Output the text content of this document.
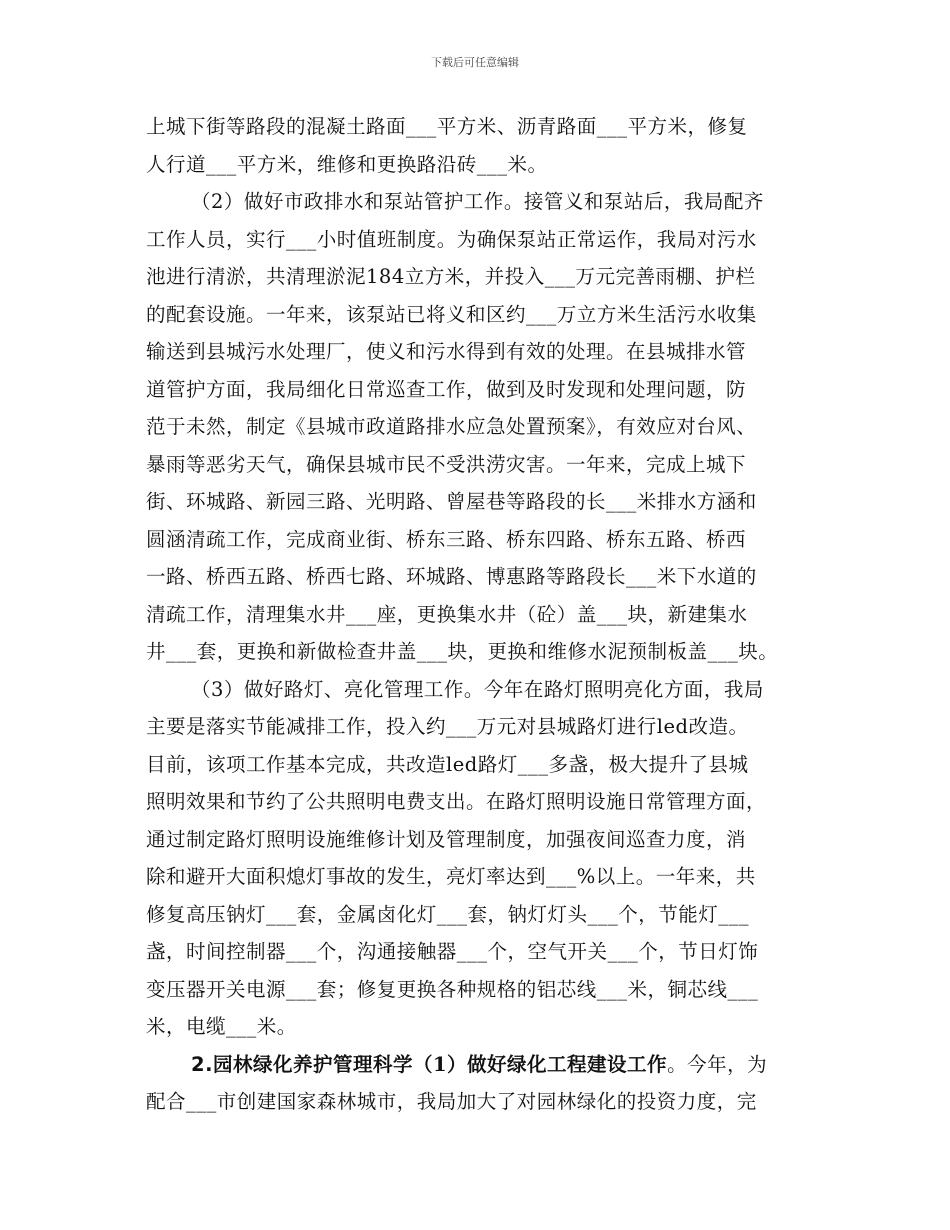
下载后可任意编辑
上城下街等路段的混凝土路面___平方米、沥青路面___平方米，修复
人行道___平方米，维修和更换路沿砖___米。
（2）做好市政排水和泵站管护工作。接管义和泵站后，我局配齐
工作人员，实行___小时值班制度。为确保泵站正常运作，我局对污水
池进行清淤，共清理淤泥184立方米，并投入___万元完善雨棚、护栏
的配套设施。一年来，该泵站已将义和区约___万立方米生活污水收集
输送到县城污水处理厂，使义和污水得到有效的处理。在县城排水管
道管护方面，我局细化日常巡查工作，做到及时发现和处理问题，防
范于未然，制定《县城市政道路排水应急处置预案》，有效应对台风、
暴雨等恶劣天气，确保县城市民不受洪涝灾害。一年来，完成上城下
街、环城路、新园三路、光明路、曾屋巷等路段的长___米排水方涵和
圆涵清疏工作，完成商业街、桥东三路、桥东四路、桥东五路、桥西
一路、桥西五路、桥西七路、环城路、博惠路等路段长___米下水道的
清疏工作，清理集水井___座，更换集水井（砼）盖___块，新建集水
井___套，更换和新做检查井盖___块，更换和维修水泥预制板盖___块。
（3）做好路灯、亮化管理工作。今年在路灯照明亮化方面，我局
主要是落实节能减排工作，投入约___万元对县城路灯进行led改造。
目前，该项工作基本完成，共改造led路灯___多盏，极大提升了县城
照明效果和节约了公共照明电费支出。在路灯照明设施日常管理方面，
通过制定路灯照明设施维修计划及管理制度，加强夜间巡查力度，消
除和避开大面积熄灯事故的发生，亮灯率达到___%以上。一年来，共
修复高压钠灯___套，金属卤化灯___套，钠灯灯头___个，节能灯___
盏，时间控制器___个，沟通接触器___个，空气开关___个，节日灯饰
变压器开关电源___套；修复更换各种规格的铝芯线___米，铜芯线___
米，电缆___米。
2.园林绿化养护管理科学（1）做好绿化工程建设工作。今年，为
配合___市创建国家森林城市，我局加大了对园林绿化的投资力度，完
